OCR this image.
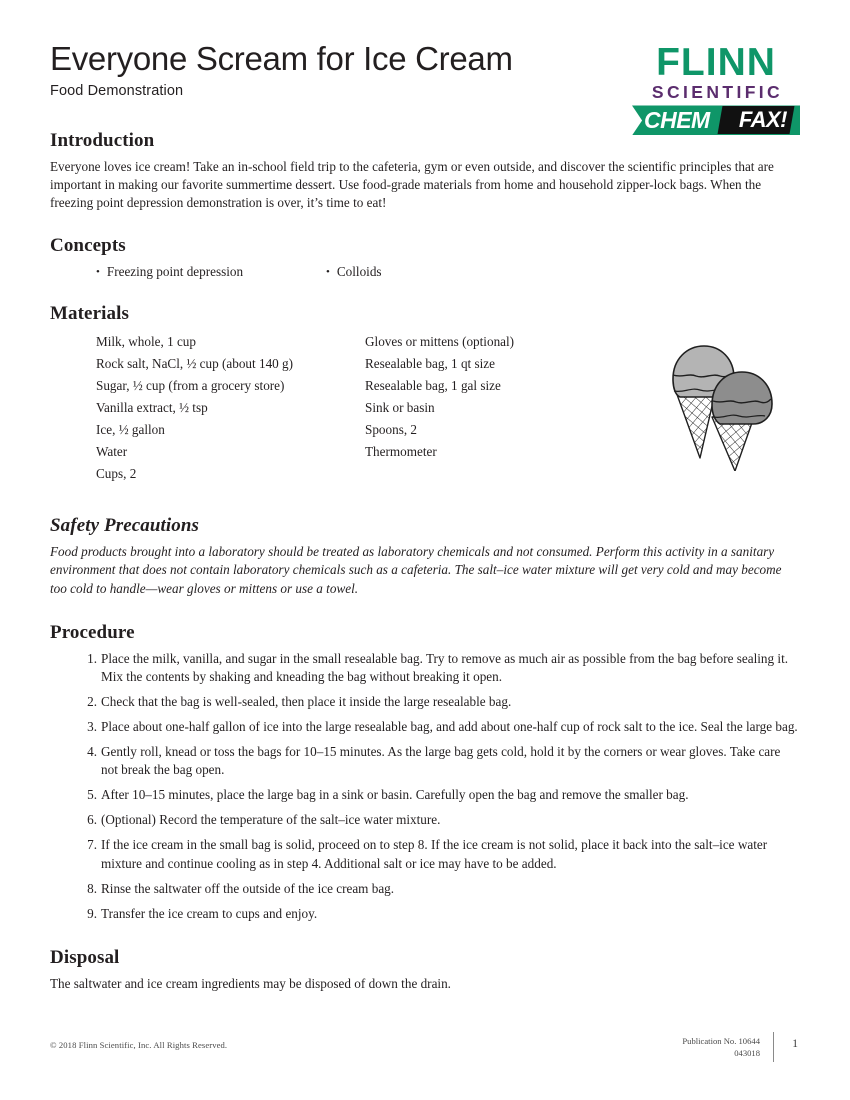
Everyone Scream for Ice Cream
Food Demonstration
FLINN
SCIENTIFIC
CHEM FAX!
Introduction

Everyone loves ice cream! Take an in-school field trip to the cafeteria, gym or even outside, and discover the scientific principles that are important in making our favorite summertime dessert. Use food-grade materials from home and household zipper-lock bags. When the freezing point depression demonstration is over, it’s time to eat!

Concepts
• Freezing point depression	• Colloids
Materials
Milk, whole, 1 cup
Rock salt, NaCl, ½ cup (about 140 g)
Sugar, ½ cup (from a grocery store)
Vanilla extract, ½ tsp
Ice, ½ gallon
Water
Cups, 2
Gloves or mittens (optional)
Resealable bag, 1 qt size
Resealable bag, 1 gal size
Sink or basin
Spoons, 2
Thermometer
Safety Precautions

Food products brought into a laboratory should be treated as laboratory chemicals and not consumed. Perform this activity in a sanitary environment that does not contain laboratory chemicals such as a cafeteria. The salt–ice water mixture will get very cold and may become too cold to handle—wear gloves or mittens or use a towel.

Procedure
Place the milk, vanilla, and sugar in the small resealable bag. Try to remove as much air as possible from the bag before sealing it. Mix the contents by shaking and kneading the bag without breaking it open.
Check that the bag is well-sealed, then place it inside the large resealable bag.
Place about one-half gallon of ice into the large resealable bag, and add about one-half cup of rock salt to the ice. Seal the large bag.
Gently roll, knead or toss the bags for 10–15 minutes. As the large bag gets cold, hold it by the corners or wear gloves. Take care not break the bag open.
After 10–15 minutes, place the large bag in a sink or basin. Carefully open the bag and remove the smaller bag.
(Optional) Record the temperature of the salt–ice water mixture.
If the ice cream in the small bag is solid, proceed on to step 8. If the ice cream is not solid, place it back into the salt–ice water mixture and continue cooling as in step 4. Additional salt or ice may have to be added.
Rinse the saltwater off the outside of the ice cream bag.
Transfer the ice cream to cups and enjoy.
Disposal

The saltwater and ice cream ingredients may be disposed of down the drain.

© 2018 Flinn Scientific, Inc. All Rights Reserved.	Publication No. 10644
043018
1
